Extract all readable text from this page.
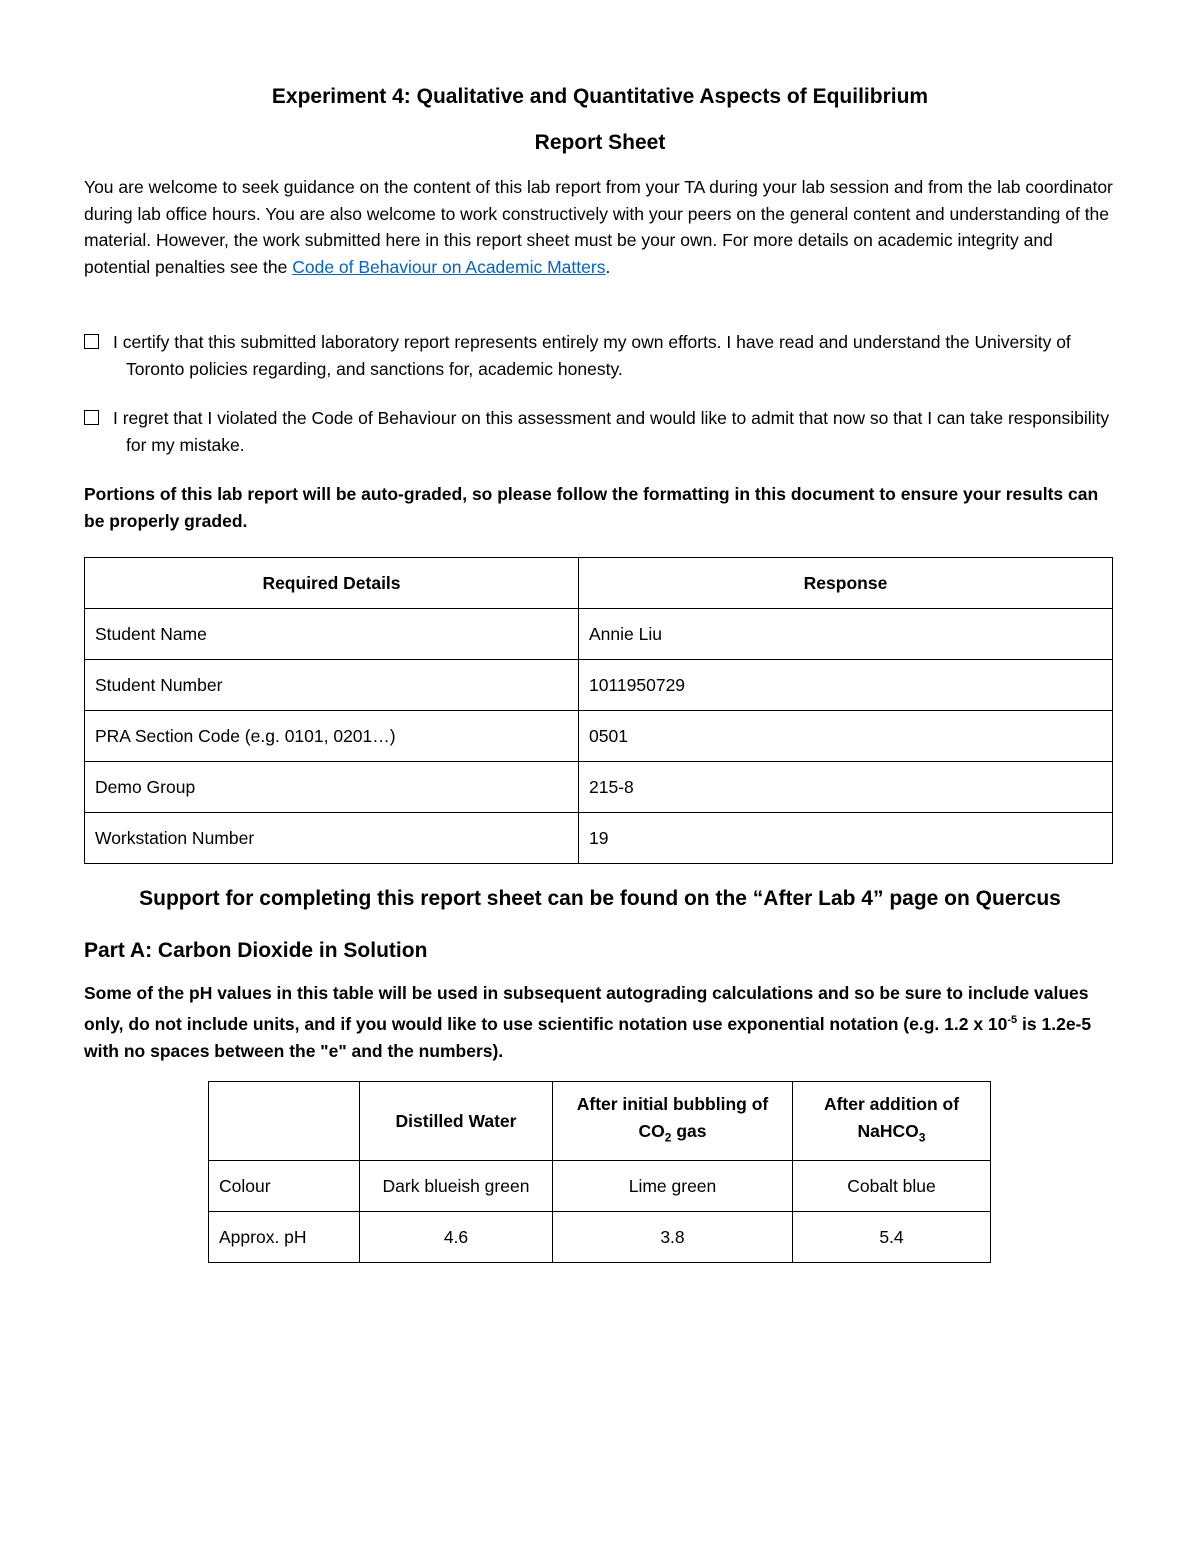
Experiment 4: Qualitative and Quantitative Aspects of Equilibrium
Report Sheet
You are welcome to seek guidance on the content of this lab report from your TA during your lab session and from the lab coordinator during lab office hours. You are also welcome to work constructively with your peers on the general content and understanding of the material. However, the work submitted here in this report sheet must be your own. For more details on academic integrity and potential penalties see the Code of Behaviour on Academic Matters.
I certify that this submitted laboratory report represents entirely my own efforts. I have read and understand the University of Toronto policies regarding, and sanctions for, academic honesty.
I regret that I violated the Code of Behaviour on this assessment and would like to admit that now so that I can take responsibility for my mistake.
Portions of this lab report will be auto-graded, so please follow the formatting in this document to ensure your results can be properly graded.
Required Details	Response
Student Name	Annie Liu
Student Number	1011950729
PRA Section Code (e.g. 0101, 0201…)	0501
Demo Group	215-8
Workstation Number	19
Support for completing this report sheet can be found on the “After Lab 4” page on Quercus
Part A: Carbon Dioxide in Solution
Some of the pH values in this table will be used in subsequent autograding calculations and so be sure to include values only, do not include units, and if you would like to use scientific notation use exponential notation (e.g. 1.2 x $10^{-5}$ is 1.2e-5 with no spaces between the "e" and the numbers).
	Distilled Water	After initial bubbling of $CO_2$ gas	After addition of NaHCO$_3$
Colour	Dark blueish green	Lime green	Cobalt blue
Approx. pH	4.6	3.8	5.4
